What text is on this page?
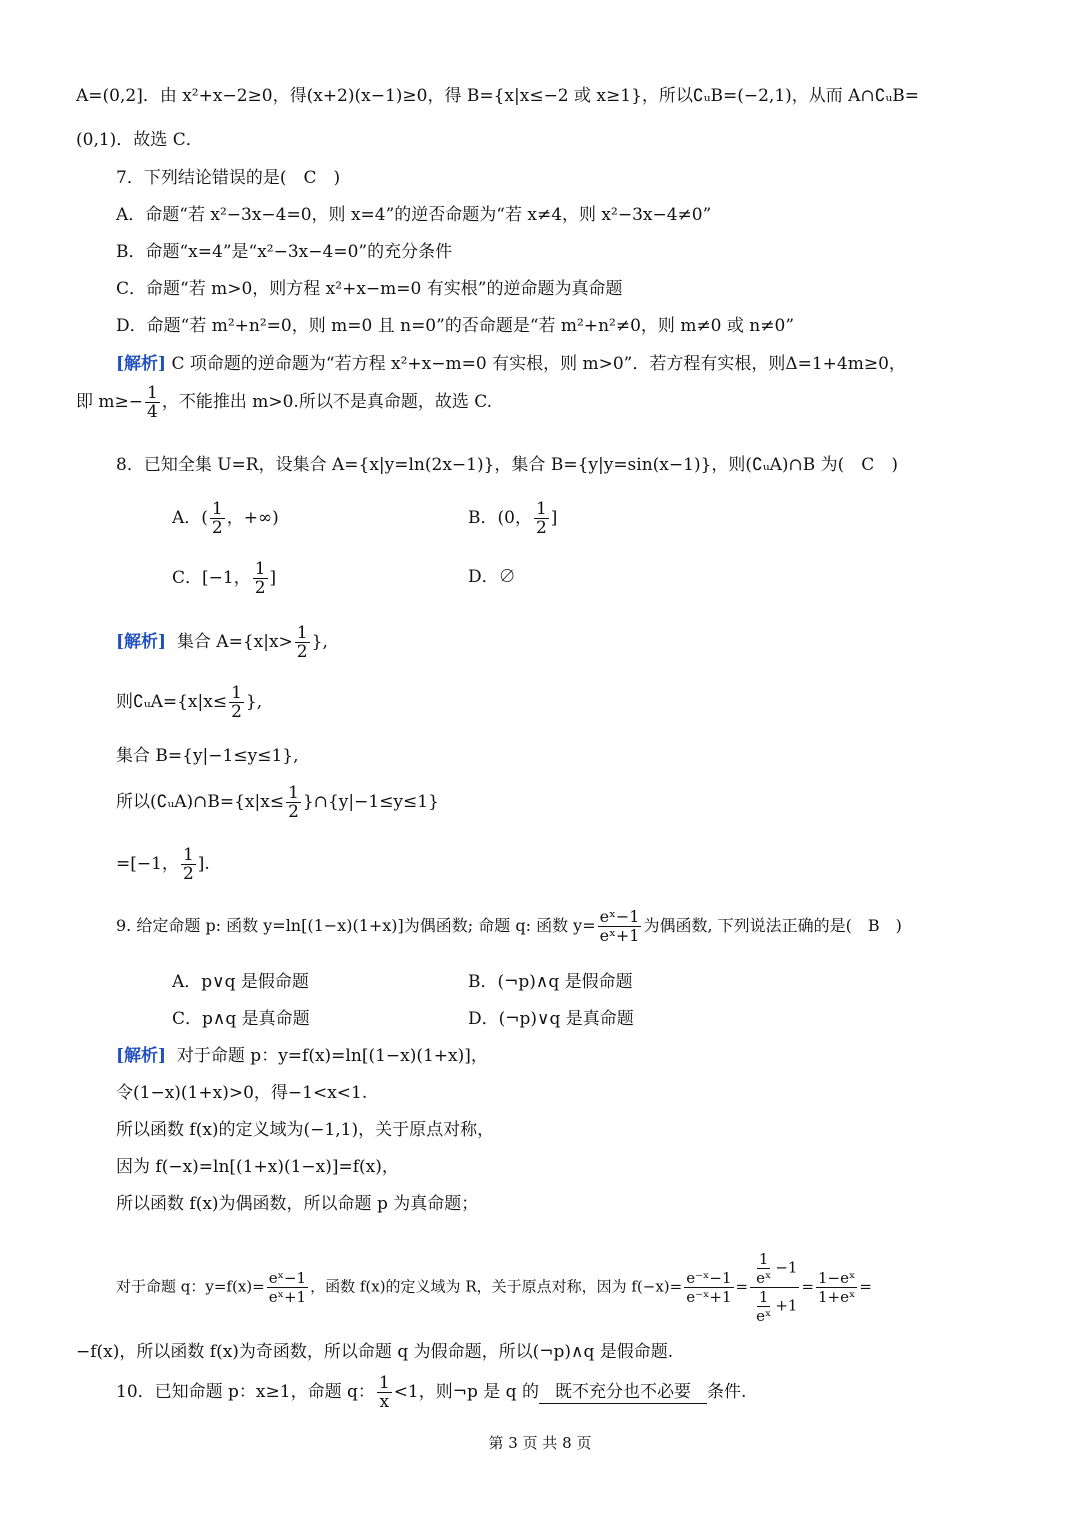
A=(0,2]．由 x²+x−2≥0，得(x+2)(x−1)≥0，得 B={x|x≤−2 或 x≥1}，所以∁ᵤB=(−2,1)，从而 A∩∁ᵤB=
(0,1)．故选 C．
7．下列结论错误的是(　C　)
A．命题“若 x²−3x−4=0，则 x=4”的逆否命题为“若 x≠4，则 x²−3x−4≠0”
B．命题“x=4”是“x²−3x−4=0”的充分条件
C．命题“若 m>0，则方程 x²+x−m=0 有实根”的逆命题为真命题
D．命题“若 m²+n²=0，则 m=0 且 n=0”的否命题是“若 m²+n²≠0，则 m≠0 或 n≠0”
[解析] C 项命题的逆命题为“若方程 x²+x−m=0 有实根，则 m>0”．若方程有实根，则Δ=1+4m≥0，
即 $m\ge- \frac{1}{4}$ ，不能推出 m>0.所以不是真命题，故选 C.
8．已知全集 U=R，设集合 A={x|y=ln(2x−1)}，集合 B={y|y=sin(x−1)}，则(∁ᵤA)∩B 为(　C　)
A．( $\frac{1}{2}$ ，+∞)	B．(0， $\frac{1}{2}$ ]
C．[−1， $\frac{1}{2}$ ]	D．∅
[解析] 集合 $A=\{x|x> \frac{1}{2}$ },
则∁ᵤA={x|x≤ $\frac{1}{2}$ },
集合 B={y|−1≤y≤1},
所以(∁ᵤA)∩B={x|x≤ $\frac{1}{2}$ }∩{y|−1≤y≤1}
=[−1， $\frac{1}{2}$ ].
9. 给定命题 p: 函数 y=ln[(1−x)(1+x)]为偶函数; 命题 q: 函数 $y= \frac{\text{eˣ−1}}{\text{eˣ+1}}$ 为偶函数, 下列说法正确的是(　B　)
A．p∨q 是假命题	B．(¬p)∧q 是假命题
C．p∧q 是真命题	D．(¬p)∨q 是真命题
[解析] 对于命题 p：y=f(x)=ln[(1−x)(1+x)]，
令(1−x)(1+x)>0，得−1<x<1.
所以函数 f(x)的定义域为(−1,1)，关于原点对称，
因为 f(−x)=ln[(1+x)(1−x)]=f(x)，
所以函数 f(x)为偶函数，所以命题 p 为真命题；
对于命题 q：$y=f(x)= \frac{\text{eˣ−1}}{\text{eˣ+1}}$ ，函数 f(x)的定义域为 R，关于原点对称，因为 $f(-x)= \frac{\text{e⁻ˣ−1}}{\text{e⁻ˣ+1}} = \frac{\frac{1}{\text{eˣ}} -1}{\frac{1}{\text{eˣ}} +1} = \frac{\text{1−eˣ}}{\text{1+eˣ}}$ =
−f(x)，所以函数 f(x)为奇函数，所以命题 q 为假命题，所以(¬p)∧q 是假命题.
10．已知命题 p：x≥1，命题 q： $\frac{1}{x} <1$，则¬p 是 q 的 既不充分也不必要 条件.
第 3 页 共 8 页
